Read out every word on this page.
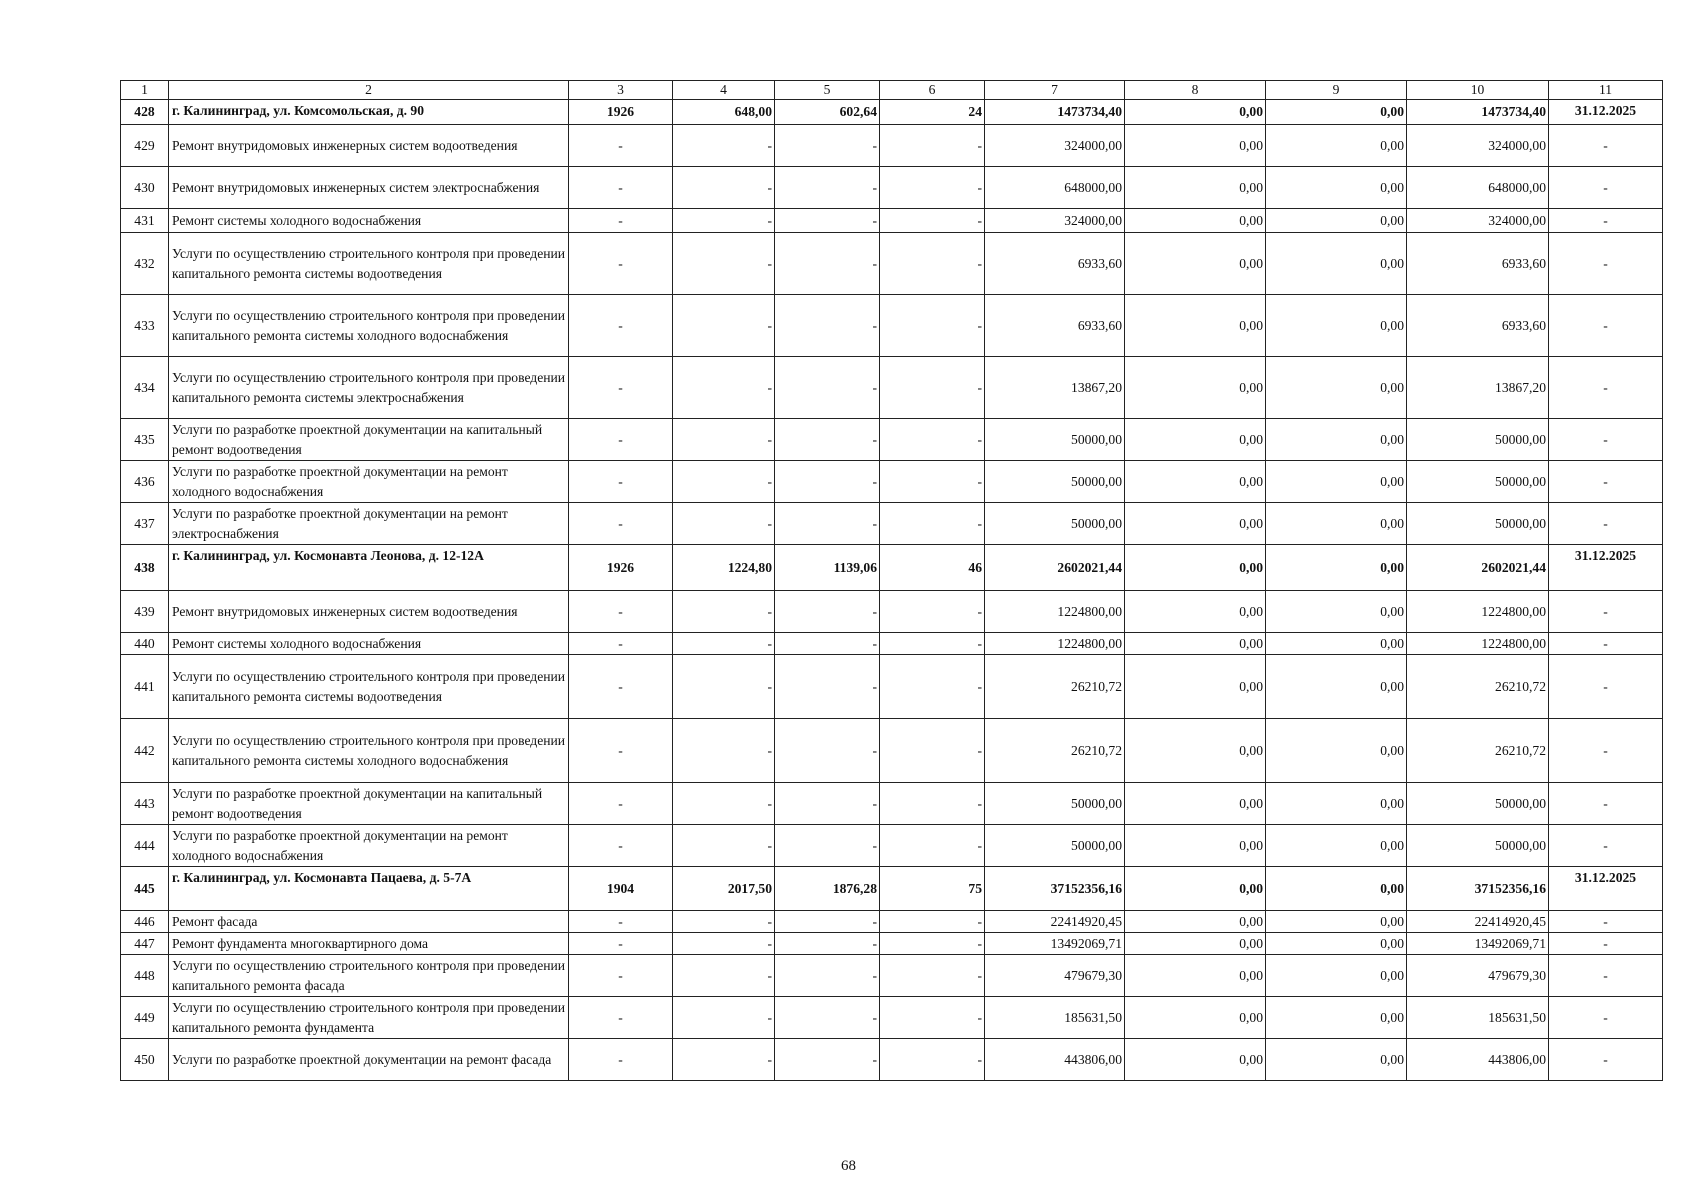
1	2	3	4	5	6	7	8	9	10	11
428	г. Калининград, ул. Комсомольская, д. 90	1926	648,00	602,64	24	1473734,40	0,00	0,00	1473734,40	31.12.2025
429	Ремонт внутридомовых инженерных систем водоотведения	-	-	-	-	324000,00	0,00	0,00	324000,00	-
430	Ремонт внутридомовых инженерных систем электроснабжения	-	-	-	-	648000,00	0,00	0,00	648000,00	-
431	Ремонт системы холодного водоснабжения	-	-	-	-	324000,00	0,00	0,00	324000,00	-
432	Услуги по осуществлению строительного контроля при проведении капитального ремонта системы водоотведения	-	-	-	-	6933,60	0,00	0,00	6933,60	-
433	Услуги по осуществлению строительного контроля при проведении капитального ремонта системы холодного водоснабжения	-	-	-	-	6933,60	0,00	0,00	6933,60	-
434	Услуги по осуществлению строительного контроля при проведении капитального ремонта системы электроснабжения	-	-	-	-	13867,20	0,00	0,00	13867,20	-
435	Услуги по разработке проектной документации на капитальный ремонт водоотведения	-	-	-	-	50000,00	0,00	0,00	50000,00	-
436	Услуги по разработке проектной документации на ремонт холодного водоснабжения	-	-	-	-	50000,00	0,00	0,00	50000,00	-
437	Услуги по разработке проектной документации на ремонт электроснабжения	-	-	-	-	50000,00	0,00	0,00	50000,00	-
438	г. Калининград, ул. Космонавта Леонова, д. 12-12А	1926	1224,80	1139,06	46	2602021,44	0,00	0,00	2602021,44	31.12.2025
439	Ремонт внутридомовых инженерных систем водоотведения	-	-	-	-	1224800,00	0,00	0,00	1224800,00	-
440	Ремонт системы холодного водоснабжения	-	-	-	-	1224800,00	0,00	0,00	1224800,00	-
441	Услуги по осуществлению строительного контроля при проведении капитального ремонта системы водоотведения	-	-	-	-	26210,72	0,00	0,00	26210,72	-
442	Услуги по осуществлению строительного контроля при проведении капитального ремонта системы холодного водоснабжения	-	-	-	-	26210,72	0,00	0,00	26210,72	-
443	Услуги по разработке проектной документации на капитальный ремонт водоотведения	-	-	-	-	50000,00	0,00	0,00	50000,00	-
444	Услуги по разработке проектной документации на ремонт холодного водоснабжения	-	-	-	-	50000,00	0,00	0,00	50000,00	-
445	г. Калининград, ул. Космонавта Пацаева, д. 5-7А	1904	2017,50	1876,28	75	37152356,16	0,00	0,00	37152356,16	31.12.2025
446	Ремонт фасада	-	-	-	-	22414920,45	0,00	0,00	22414920,45	-
447	Ремонт фундамента многоквартирного дома	-	-	-	-	13492069,71	0,00	0,00	13492069,71	-
448	Услуги по осуществлению строительного контроля при проведении капитального ремонта фасада	-	-	-	-	479679,30	0,00	0,00	479679,30	-
449	Услуги по осуществлению строительного контроля при проведении капитального ремонта фундамента	-	-	-	-	185631,50	0,00	0,00	185631,50	-
450	Услуги по разработке проектной документации на ремонт фасада	-	-	-	-	443806,00	0,00	0,00	443806,00	-
68
